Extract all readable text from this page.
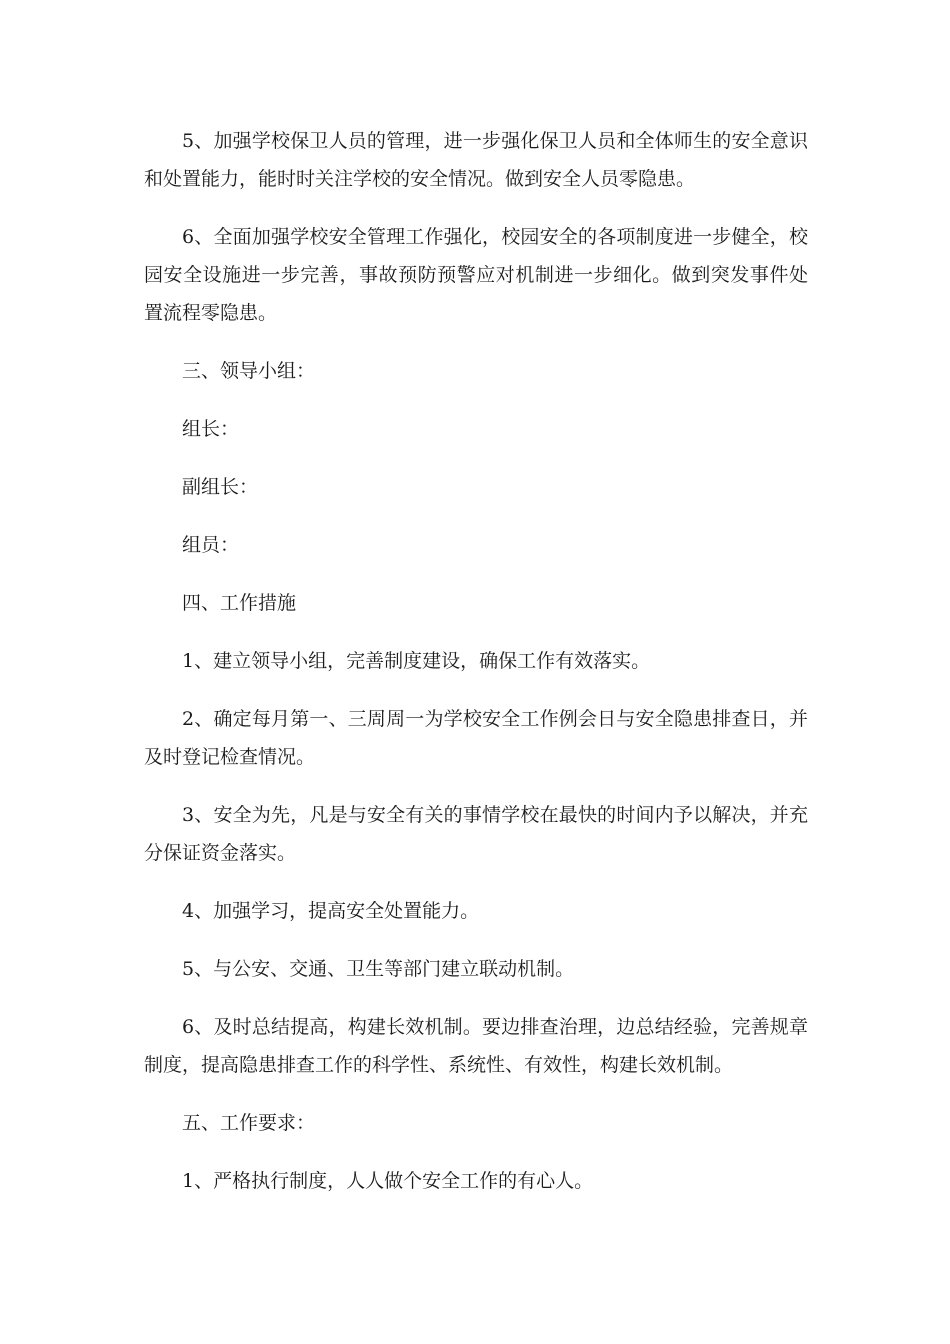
5、加强学校保卫人员的管理，进一步强化保卫人员和全体师生的安全意识和处置能力，能时时关注学校的安全情况。做到安全人员零隐患。

6、全面加强学校安全管理工作强化，校园安全的各项制度进一步健全，校园安全设施进一步完善，事故预防预警应对机制进一步细化。做到突发事件处置流程零隐患。

三、领导小组：

组长：

副组长：

组员：

四、工作措施

1、建立领导小组，完善制度建设，确保工作有效落实。

2、确定每月第一、三周周一为学校安全工作例会日与安全隐患排查日，并及时登记检查情况。

3、安全为先，凡是与安全有关的事情学校在最快的时间内予以解决，并充分保证资金落实。

4、加强学习，提高安全处置能力。

5、与公安、交通、卫生等部门建立联动机制。

6、及时总结提高，构建长效机制。要边排查治理，边总结经验，完善规章制度，提高隐患排查工作的科学性、系统性、有效性，构建长效机制。

五、工作要求：

1、严格执行制度，人人做个安全工作的有心人。
